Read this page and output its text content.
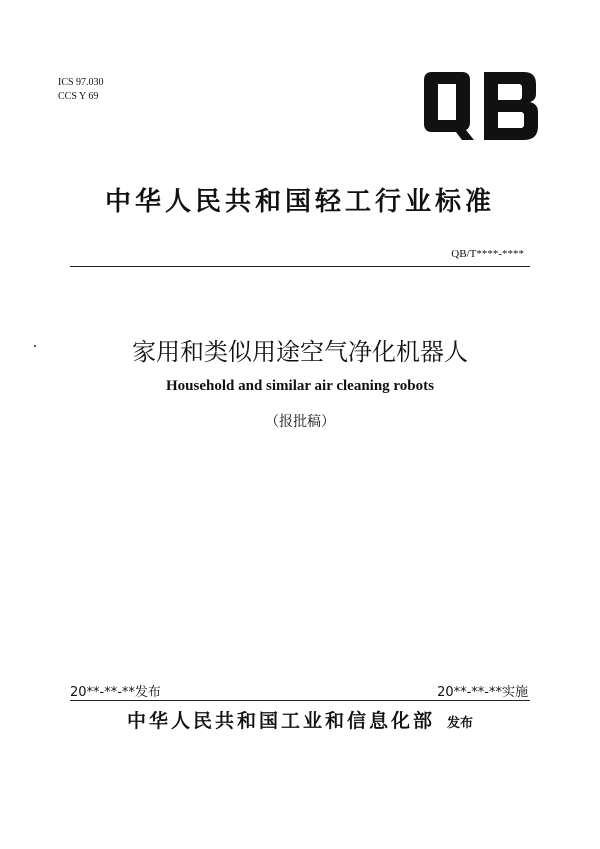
ICS 97.030
CCS Y 69
中华人民共和国轻工行业标准
QB/T****-****
家用和类似用途空气净化机器人
Household and similar air cleaning robots
（报批稿）
20**-**-**发布	20**-**-**实施
中华人民共和国工业和信息化部 发布
